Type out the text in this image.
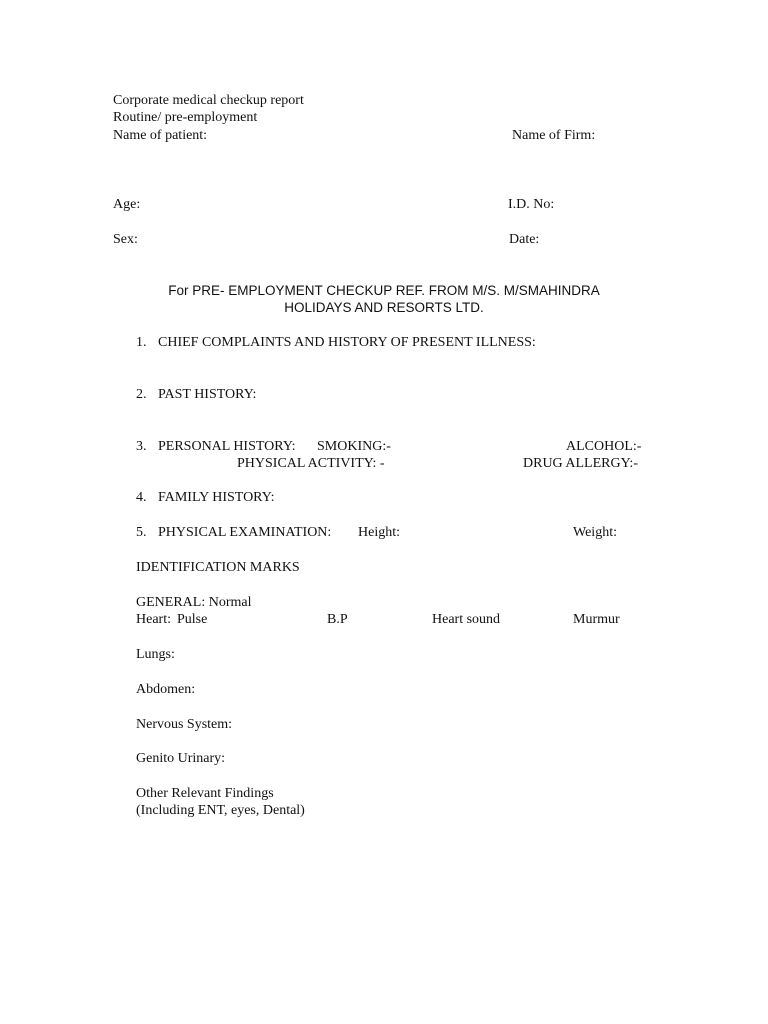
Corporate medical checkup report
Routine/ pre-employment
Name of patient:	Name of Firm:
Age:	I.D. No:
Sex:	Date:
For PRE- EMPLOYMENT CHECKUP REF. FROM M/S. M/SMAHINDRA
HOLIDAYS AND RESORTS LTD.
1. CHIEF COMPLAINTS AND HISTORY OF PRESENT ILLNESS:
2. PAST HISTORY:
3. PERSONAL HISTORY: SMOKING:-	ALCOHOL:-
PHYSICAL ACTIVITY: -	DRUG ALLERGY:-
4. FAMILY HISTORY:
5. PHYSICAL EXAMINATION: Height:	Weight:
IDENTIFICATION MARKS
GENERAL: Normal
Heart: Pulse	B.P	Heart sound	Murmur
Lungs:
Abdomen:
Nervous System:
Genito Urinary:
Other Relevant Findings
(Including ENT, eyes, Dental)
